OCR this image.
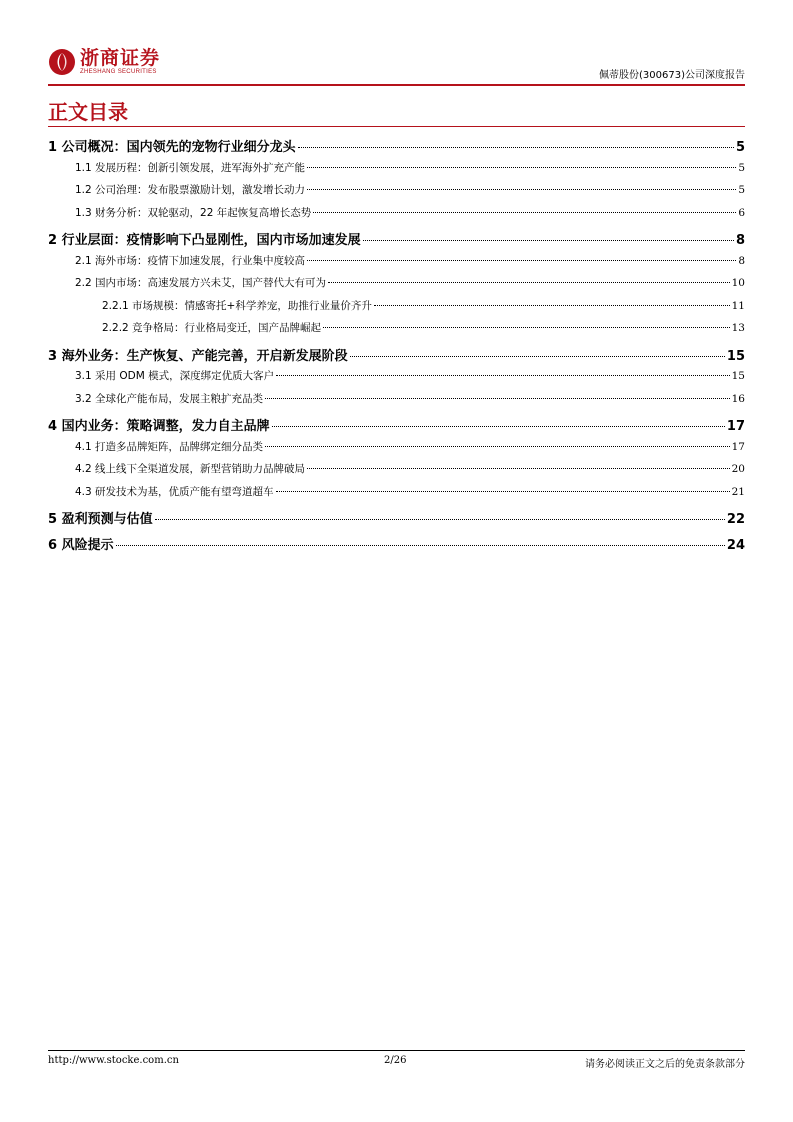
浙商证券
ZHESHANG SECURITIES	佩蒂股份(300673)公司深度报告
正文目录
1 公司概况：国内领先的宠物行业细分龙头	5
1.1 发展历程：创新引领发展，进军海外扩充产能	5
1.2 公司治理：发布股票激励计划，激发增长动力	5
1.3 财务分析：双轮驱动，22 年起恢复高增长态势	6
2 行业层面：疫情影响下凸显刚性，国内市场加速发展	8
2.1 海外市场：疫情下加速发展，行业集中度较高	8
2.2 国内市场：高速发展方兴未艾，国产替代大有可为	10
2.2.1 市场规模：情感寄托+科学养宠，助推行业量价齐升	11
2.2.2 竞争格局：行业格局变迁，国产品牌崛起	13
3 海外业务：生产恢复、产能完善，开启新发展阶段	15
3.1 采用 ODM 模式，深度绑定优质大客户	15
3.2 全球化产能布局，发展主粮扩充品类	16
4 国内业务：策略调整，发力自主品牌	17
4.1 打造多品牌矩阵，品牌绑定细分品类	17
4.2 线上线下全渠道发展，新型营销助力品牌破局	20
4.3 研发技术为基，优质产能有望弯道超车	21
5 盈利预测与估值	22
6 风险提示	24
http://www.stocke.com.cn	2/26	请务必阅读正文之后的免责条款部分
